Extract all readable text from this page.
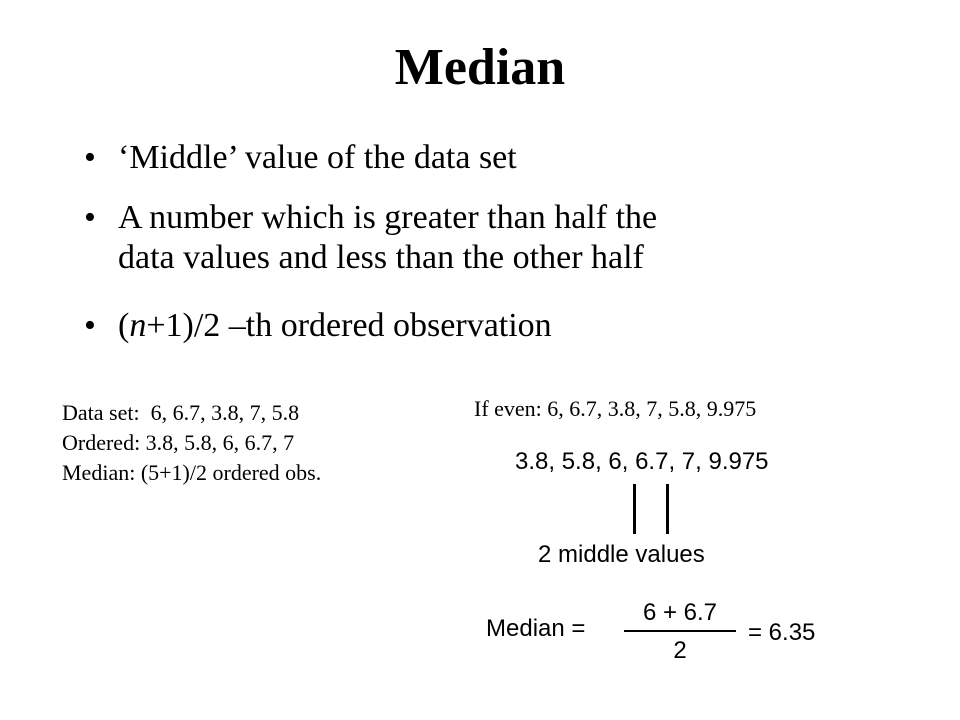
Median
• ‘Middle’ value of the data set
• A number which is greater than half the
data values and less than the other half
• (n+1)/2 –th ordered observation
Data set:  6, 6.7, 3.8, 7, 5.8
Ordered: 3.8, 5.8, 6, 6.7, 7
Median: (5+1)/2 ordered obs.
If even: 6, 6.7, 3.8, 7, 5.8, 9.975
3.8, 5.8, 6, 6.7, 7, 9.975
2 middle values
Median =
6 + 6.7
2
= 6.35
